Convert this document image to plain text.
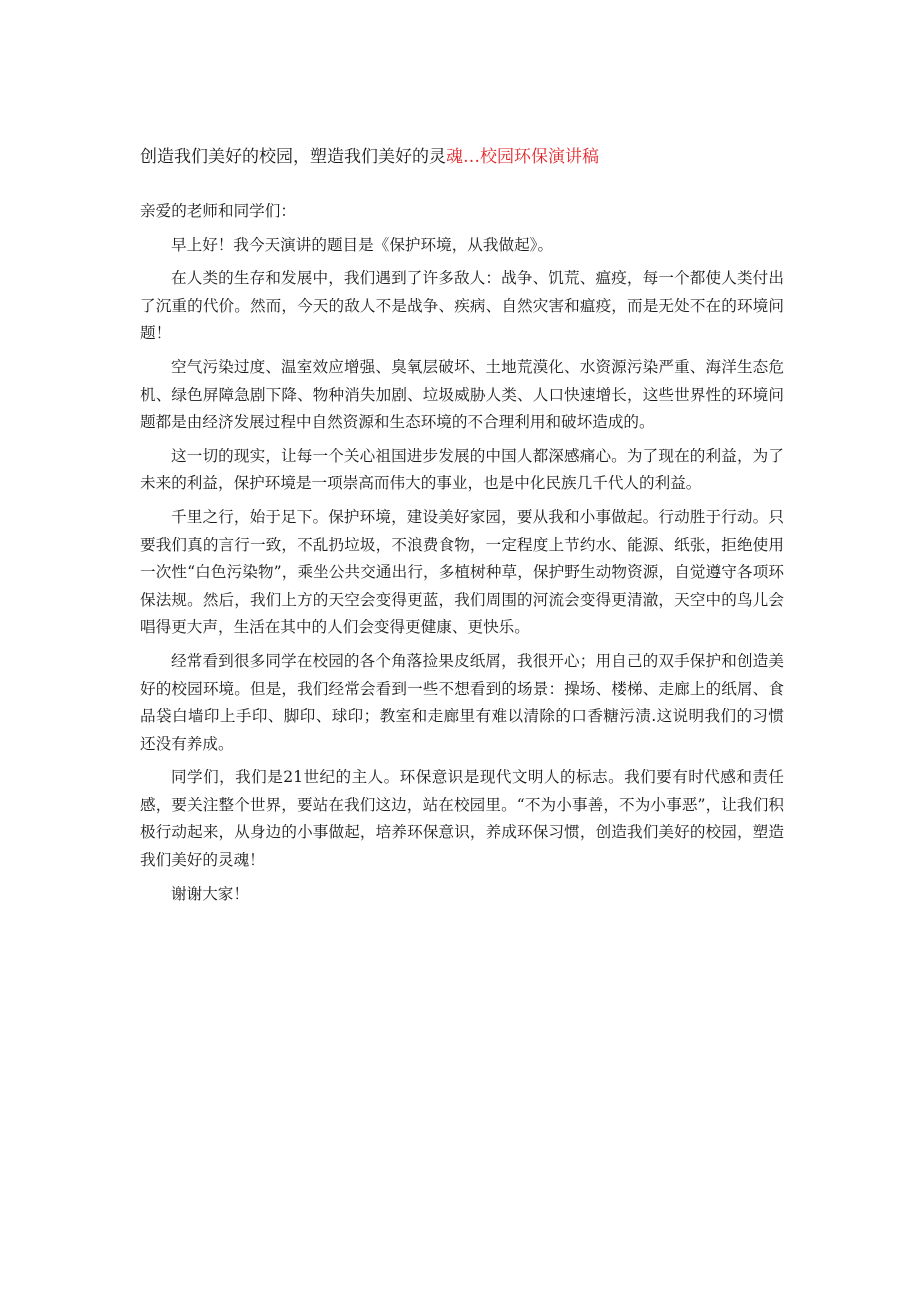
创造我们美好的校园，塑造我们美好的灵魂…校园环保演讲稿

亲爱的老师和同学们：

早上好！我今天演讲的题目是《保护环境，从我做起》。

在人类的生存和发展中，我们遇到了许多敌人：战争、饥荒、瘟疫，每一个都使人类付出了沉重的代价。然而，今天的敌人不是战争、疾病、自然灾害和瘟疫，而是无处不在的环境问题！

空气污染过度、温室效应增强、臭氧层破坏、土地荒漠化、水资源污染严重、海洋生态危机、绿色屏障急剧下降、物种消失加剧、垃圾威胁人类、人口快速增长，这些世界性的环境问题都是由经济发展过程中自然资源和生态环境的不合理利用和破坏造成的。

这一切的现实，让每一个关心祖国进步发展的中国人都深感痛心。为了现在的利益，为了未来的利益，保护环境是一项崇高而伟大的事业，也是中化民族几千代人的利益。

千里之行，始于足下。保护环境，建设美好家园，要从我和小事做起。行动胜于行动。只要我们真的言行一致，不乱扔垃圾，不浪费食物，一定程度上节约水、能源、纸张，拒绝使用一次性“白色污染物”，乘坐公共交通出行，多植树种草，保护野生动物资源，自觉遵守各项环保法规。然后，我们上方的天空会变得更蓝，我们周围的河流会变得更清澈，天空中的鸟儿会唱得更大声，生活在其中的人们会变得更健康、更快乐。

经常看到很多同学在校园的各个角落捡果皮纸屑，我很开心；用自己的双手保护和创造美好的校园环境。但是，我们经常会看到一些不想看到的场景：操场、楼梯、走廊上的纸屑、食品袋白墙印上手印、脚印、球印；教室和走廊里有难以清除的口香糖污渍.这说明我们的习惯还没有养成。

同学们，我们是21世纪的主人。环保意识是现代文明人的标志。我们要有时代感和责任感，要关注整个世界，要站在我们这边，站在校园里。“不为小事善，不为小事恶”，让我们积极行动起来，从身边的小事做起，培养环保意识，养成环保习惯，创造我们美好的校园，塑造我们美好的灵魂！

谢谢大家！
